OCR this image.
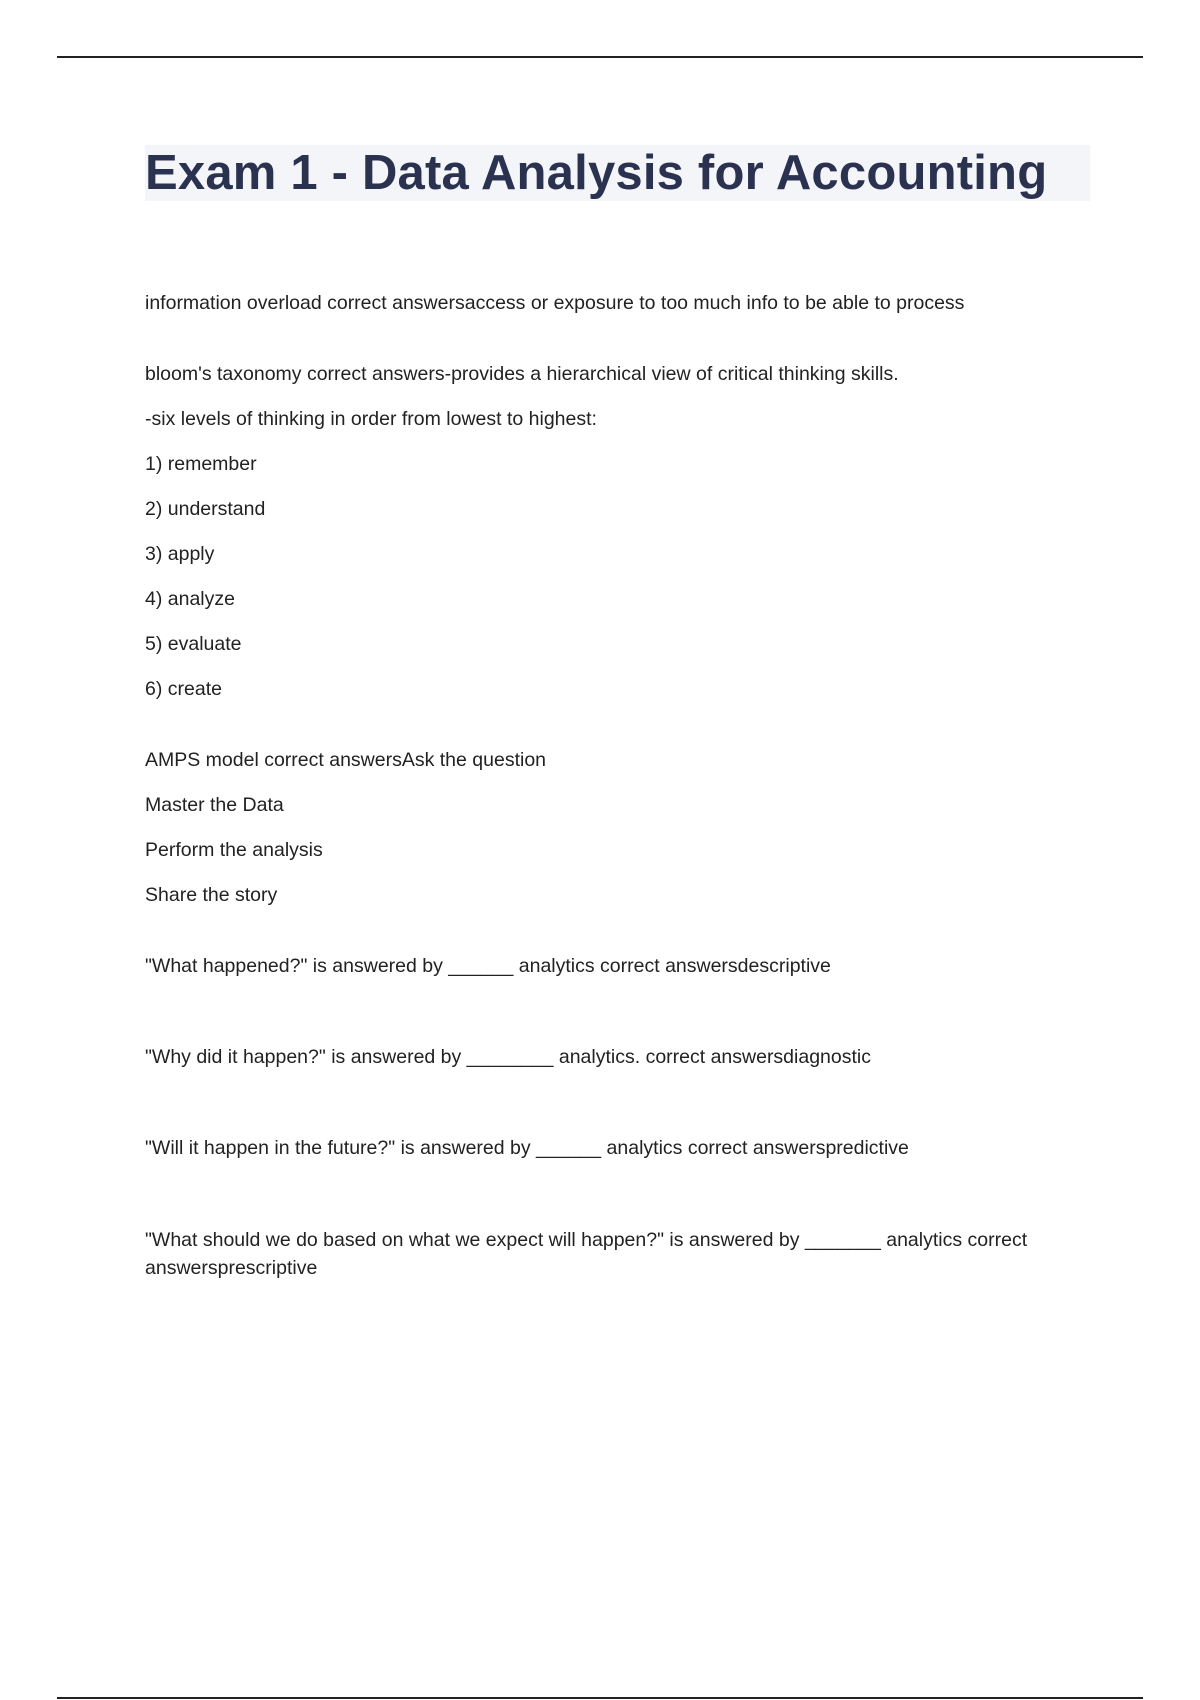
Exam 1 - Data Analysis for Accounting

information overload correct answersaccess or exposure to too much info to be able to process

bloom's taxonomy correct answers-provides a hierarchical view of critical thinking skills.

-six levels of thinking in order from lowest to highest:

1) remember

2) understand

3) apply

4) analyze

5) evaluate

6) create

AMPS model correct answersAsk the question

Master the Data

Perform the analysis

Share the story

"What happened?" is answered by ______ analytics correct answersdescriptive

"Why did it happen?" is answered by ________ analytics. correct answersdiagnostic

"Will it happen in the future?" is answered by ______ analytics correct answerspredictive

"What should we do based on what we expect will happen?" is answered by _______ analytics correct answersprescriptive
